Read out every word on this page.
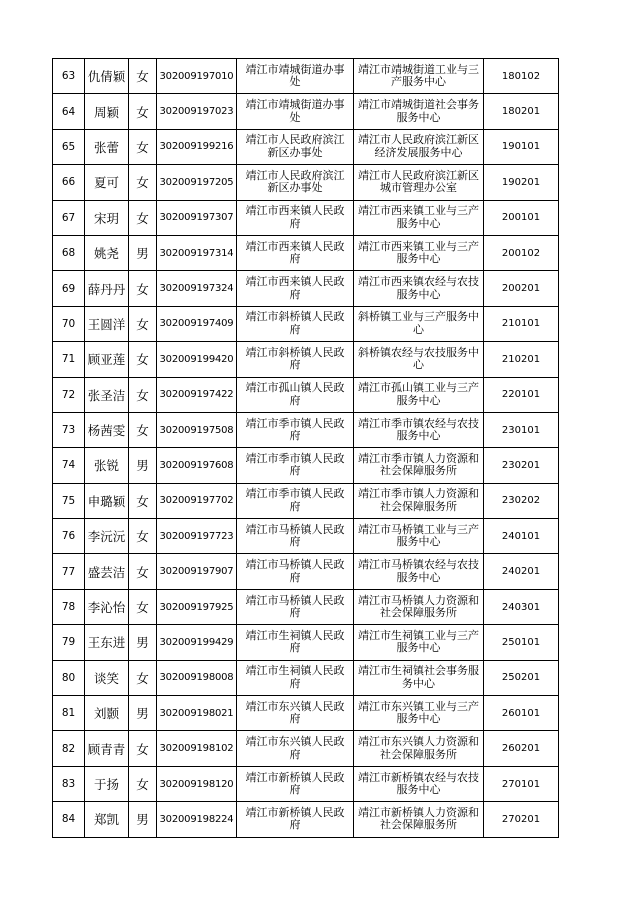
63	仇倩颖	女	302009197010	靖江市靖城街道办事处	靖江市靖城街道工业与三产服务中心	180102
64	周颖	女	302009197023	靖江市靖城街道办事处	靖江市靖城街道社会事务服务中心	180201
65	张蕾	女	302009199216	靖江市人民政府滨江新区办事处	靖江市人民政府滨江新区经济发展服务中心	190101
66	夏可	女	302009197205	靖江市人民政府滨江新区办事处	靖江市人民政府滨江新区城市管理办公室	190201
67	宋玥	女	302009197307	靖江市西来镇人民政府	靖江市西来镇工业与三产服务中心	200101
68	姚尧	男	302009197314	靖江市西来镇人民政府	靖江市西来镇工业与三产服务中心	200102
69	薛丹丹	女	302009197324	靖江市西来镇人民政府	靖江市西来镇农经与农技服务中心	200201
70	王圆洋	女	302009197409	靖江市斜桥镇人民政府	斜桥镇工业与三产服务中心	210101
71	顾亚莲	女	302009199420	靖江市斜桥镇人民政府	斜桥镇农经与农技服务中心	210201
72	张圣洁	女	302009197422	靖江市孤山镇人民政府	靖江市孤山镇工业与三产服务中心	220101
73	杨茜雯	女	302009197508	靖江市季市镇人民政府	靖江市季市镇农经与农技服务中心	230101
74	张锐	男	302009197608	靖江市季市镇人民政府	靖江市季市镇人力资源和社会保障服务所	230201
75	申璐颖	女	302009197702	靖江市季市镇人民政府	靖江市季市镇人力资源和社会保障服务所	230202
76	李沅沅	女	302009197723	靖江市马桥镇人民政府	靖江市马桥镇工业与三产服务中心	240101
77	盛芸洁	女	302009197907	靖江市马桥镇人民政府	靖江市马桥镇农经与农技服务中心	240201
78	李沁怡	女	302009197925	靖江市马桥镇人民政府	靖江市马桥镇人力资源和社会保障服务所	240301
79	王东进	男	302009199429	靖江市生祠镇人民政府	靖江市生祠镇工业与三产服务中心	250101
80	谈笑	女	302009198008	靖江市生祠镇人民政府	靖江市生祠镇社会事务服务中心	250201
81	刘颢	男	302009198021	靖江市东兴镇人民政府	靖江市东兴镇工业与三产服务中心	260101
82	顾青青	女	302009198102	靖江市东兴镇人民政府	靖江市东兴镇人力资源和社会保障服务所	260201
83	于扬	女	302009198120	靖江市新桥镇人民政府	靖江市新桥镇农经与农技服务中心	270101
84	郑凯	男	302009198224	靖江市新桥镇人民政府	靖江市新桥镇人力资源和社会保障服务所	270201
